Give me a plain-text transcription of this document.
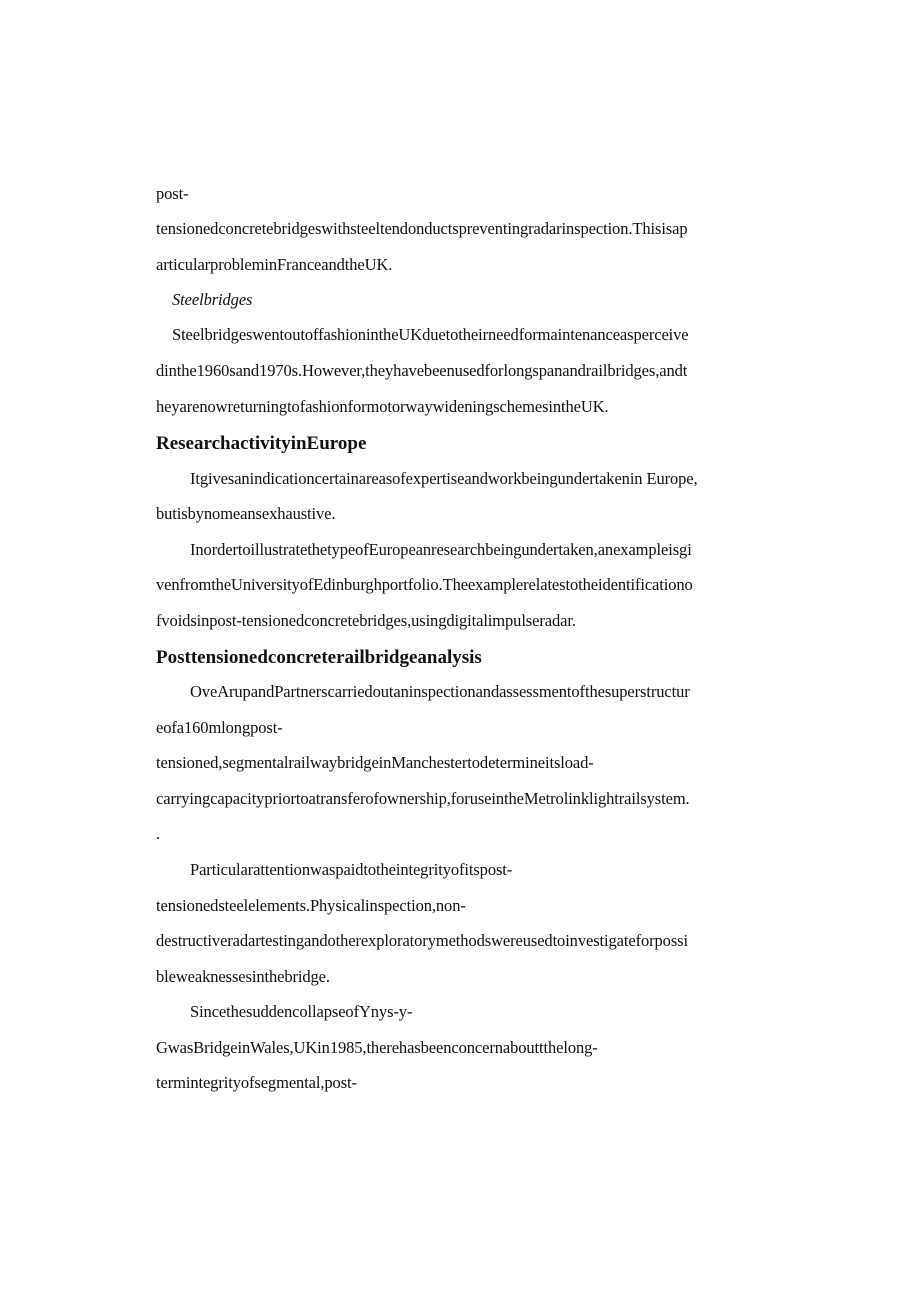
post-
tensionedconcretebridgeswithsteeltendonductspreventingradarinspection.Thisisap
articularprobleminFranceandtheUK.
Steelbridges
SteelbridgeswentoutoffashionintheUKduetotheirneedformaintenanceasperceive
dinthe1960sand1970s.However,theyhavebeenusedforlongspanandrailbridges,andt
heyarenowreturningtofashionformotorwaywideningschemesintheUK.
ResearchactivityinEurope
Itgivesanindicationcertainareasofexpertiseandworkbeingundertakenin Europe,
butisbynomeansexhaustive.
InordertoillustratethetypeofEuropeanresearchbeingundertaken,anexampleisgi
venfromtheUniversityofEdinburghportfolio.Theexamplerelatestotheidentificationo
fvoidsinpost-tensionedconcretebridges,usingdigitalimpulseradar.
Posttensionedconcreterailbridgeanalysis
OveArupandPartnerscarriedoutaninspectionandassessmentofthesuperstructur
eofa160mlongpost-
tensioned,segmentalrailwaybridgeinManchestertodetermineitsload-
carryingcapacitypriortoatransferofownership,foruseintheMetrolinklightrailsystem.
.
Particularattentionwaspaidtotheintegrityofitspost-
tensionedsteelelements.Physicalinspection,non-
destructiveradartestingandotherexploratorymethodswereusedtoinvestigateforpossi
bleweaknessesinthebridge.
SincethesuddencollapseofYnys-y-
GwasBridgeinWales,UKin1985,therehasbeenconcernabouttthelong-
termintegrityofsegmental,post-
